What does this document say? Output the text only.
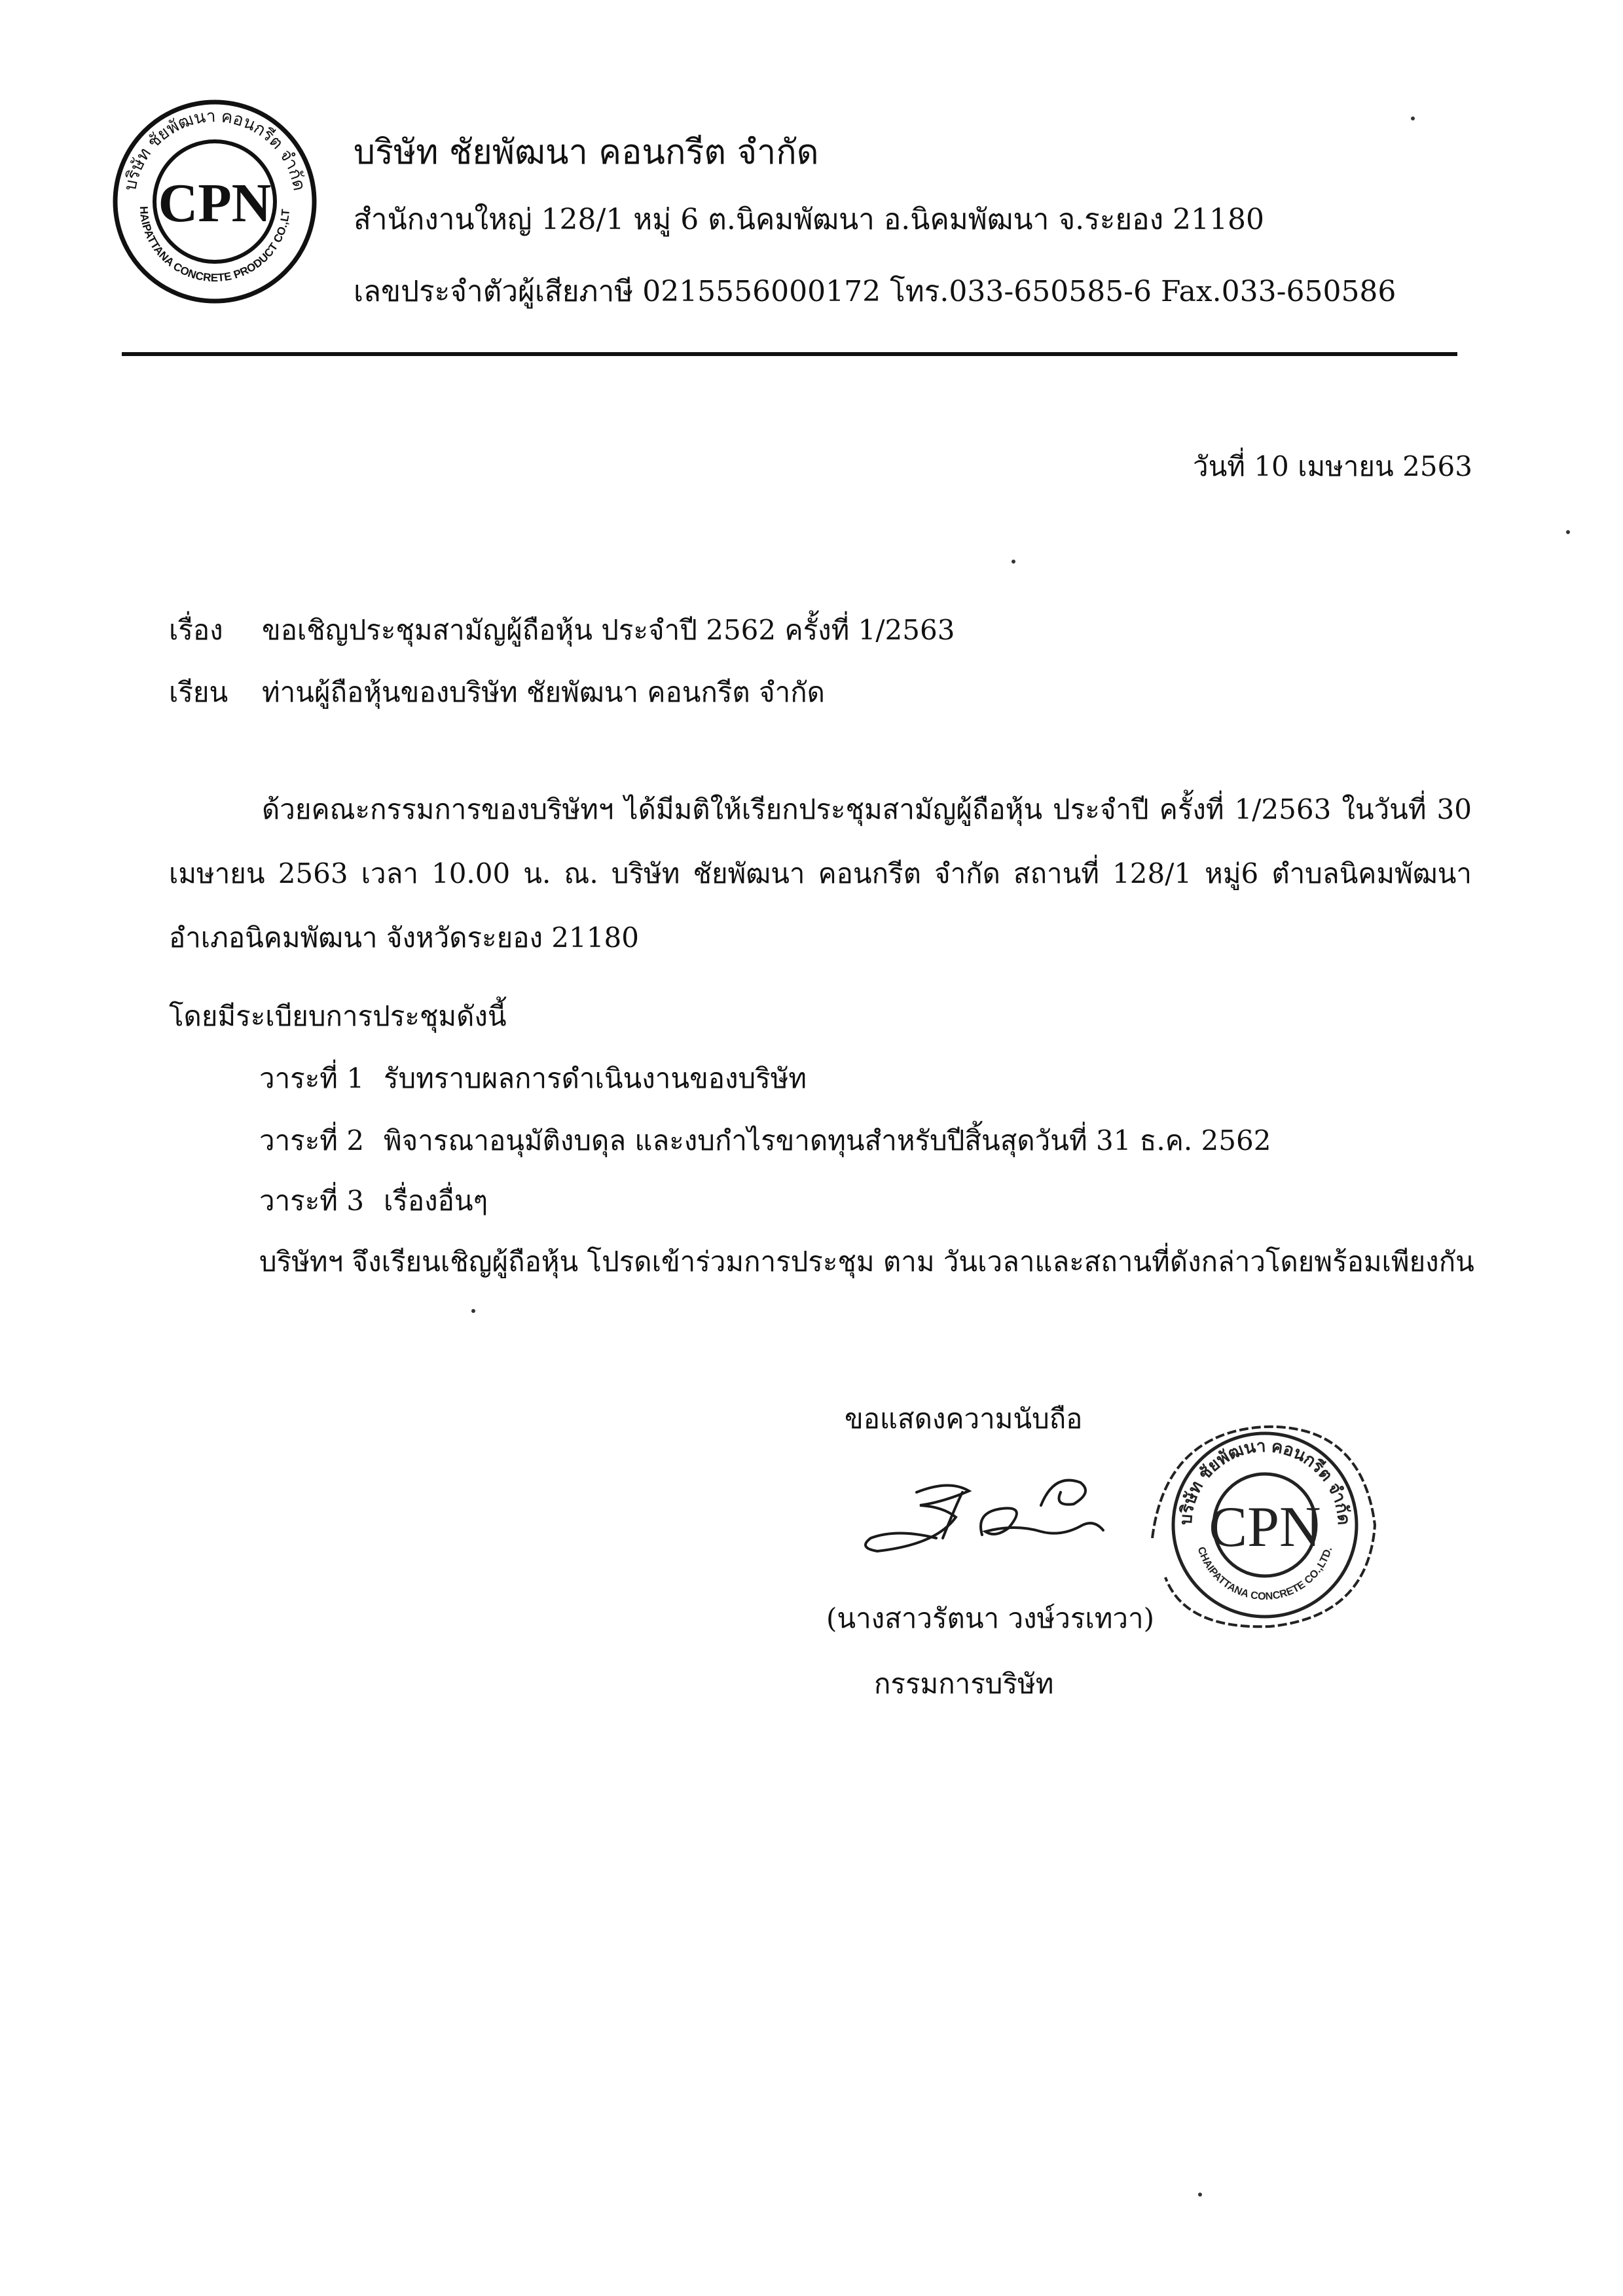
บริษัท ชัยพัฒนา คอนกรีต จำกัด
HAIPATTANA CONCRETE PRODUCT CO.,LT
CPN
บริษัท ชัยพัฒนา คอนกรีต จำกัด
สำนักงานใหญ่ 128/1 หมู่ 6 ต.นิคมพัฒนา อ.นิคมพัฒนา จ.ระยอง 21180
เลขประจำตัวผู้เสียภาษี 0215556000172 โทร.033-650585-6 Fax.033-650586
วันที่ 10 เมษายน 2563
เรื่อง ขอเชิญประชุมสามัญผู้ถือหุ้น ประจำปี 2562 ครั้งที่ 1/2563
เรียน ท่านผู้ถือหุ้นของบริษัท ชัยพัฒนา คอนกรีต จำกัด
ด้วยคณะกรรมการของบริษัทฯ ได้มีมติให้เรียกประชุมสามัญผู้ถือหุ้น ประจำปี ครั้งที่ 1/2563 ในวันที่ 30 เมษายน 2563 เวลา 10.00 น. ณ. บริษัท ชัยพัฒนา คอนกรีต จำกัด สถานที่ 128/1 หมู่6 ตำบลนิคมพัฒนา อำเภอนิคมพัฒนา จังหวัดระยอง 21180
โดยมีระเบียบการประชุมดังนี้
วาระที่ 1 รับทราบผลการดำเนินงานของบริษัท
วาระที่ 2 พิจารณาอนุมัติงบดุล และงบกำไรขาดทุนสำหรับปีสิ้นสุดวันที่ 31 ธ.ค. 2562
วาระที่ 3 เรื่องอื่นๆ
บริษัทฯ จึงเรียนเชิญผู้ถือหุ้น โปรดเข้าร่วมการประชุม ตาม วันเวลาและสถานที่ดังกล่าวโดยพร้อมเพียงกัน
ขอแสดงความนับถือ
บริษัท ชัยพัฒนา คอนกรีต จำกัด
CHAIPATTANA CONCRETE CO.,LTD.
CPN
(นางสาวรัตนา วงษ์วรเทวา)
กรรมการบริษัท
